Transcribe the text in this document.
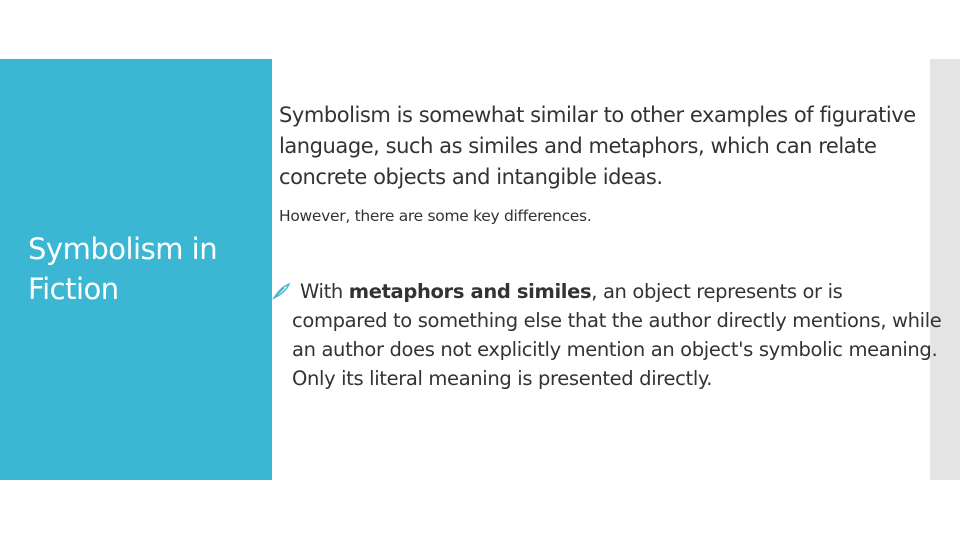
Symbolism in Fiction

Symbolism is somewhat similar to other examples of figurative language, such as similes and metaphors, which can relate concrete objects and intangible ideas.

However, there are some key differences.

With metaphors and similes, an object represents or is compared to something else that the author directly mentions, while an author does not explicitly mention an object's symbolic meaning. Only its literal meaning is presented directly.
